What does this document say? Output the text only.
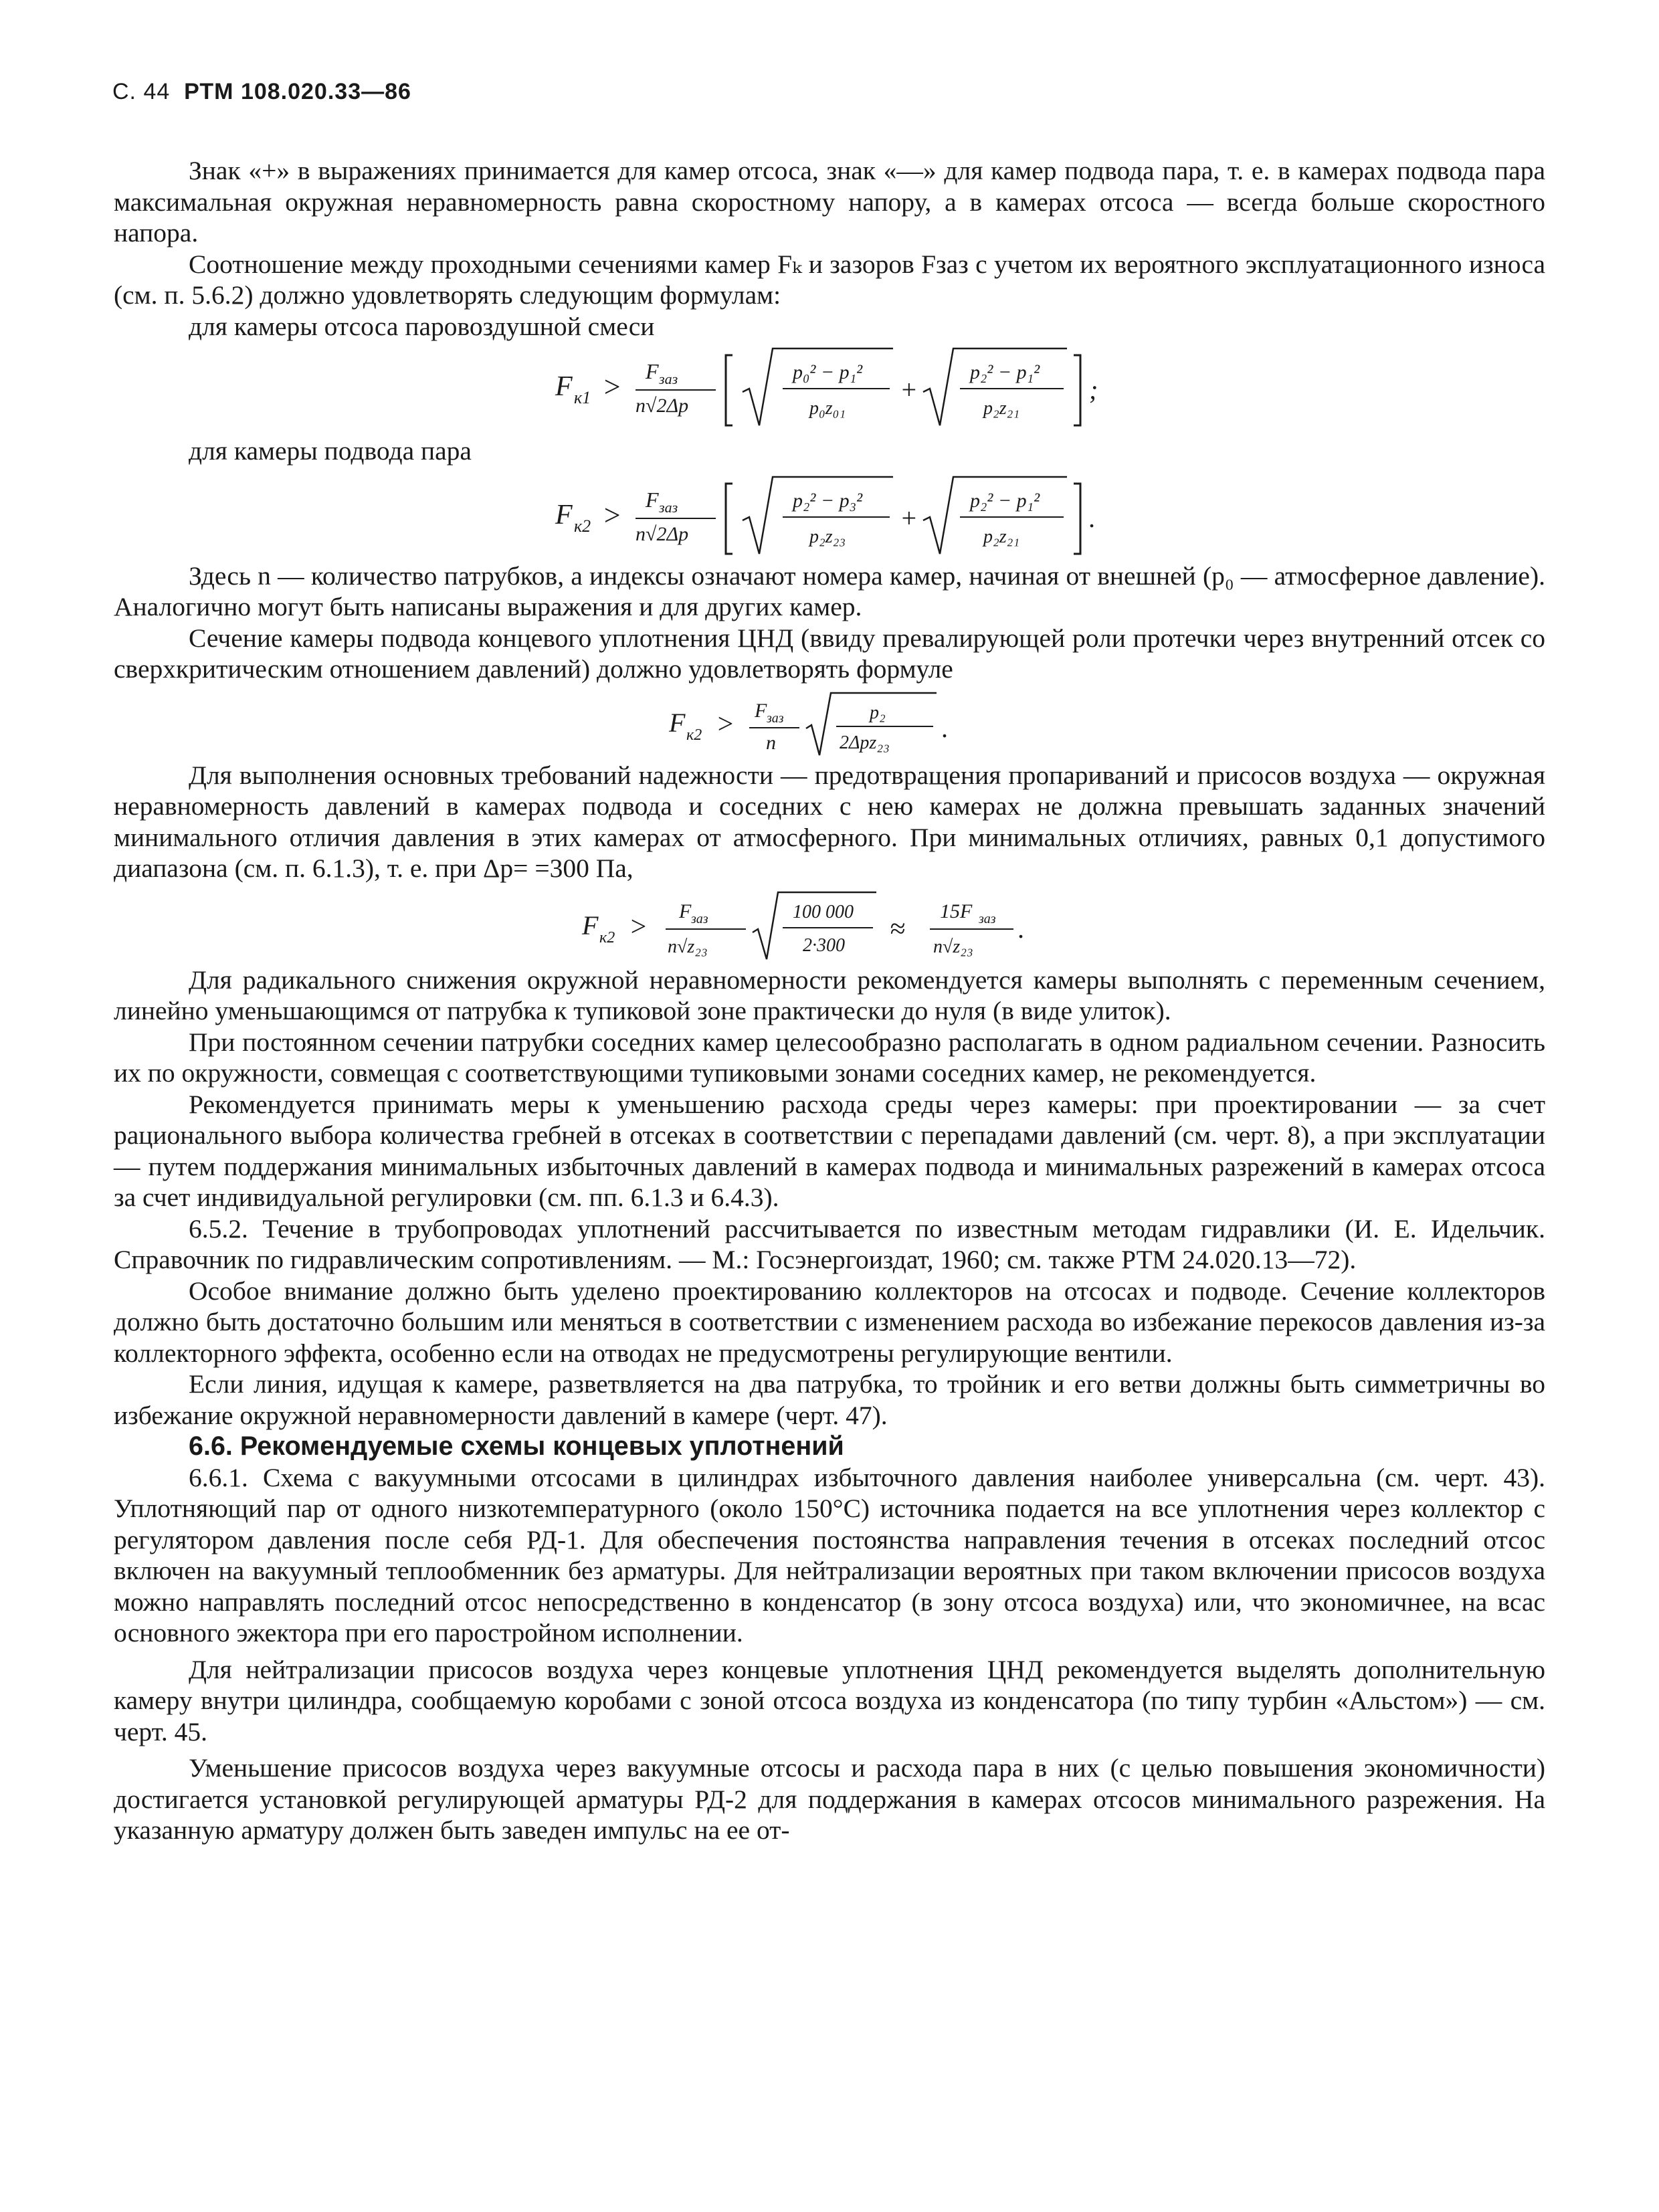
С. 44 РТМ 108.020.33—86

Знак «+» в выражениях принимается для камер отсоса, знак «—» для камер подвода пара, т. е. в камерах подвода пара максимальная окружная неравномерность равна скоростному напору, а в камерах отсоса — всегда больше скоростного напора.

Соотношение между проходными сечениями камер Fₖ и зазоров Fзаз с учетом их вероятного эксплуатационного износа (см. п. 5.6.2) должно удовлетворять следующим формулам:

для камеры отсоса паровоздушной смеси

F к1 > F заз
n√2Δp
p₀² − p₁²
p₀z₀₁
+
p₂² − p₁²
p₂z₂₁
;

для камеры подвода пара

F к2 > F заз
n√2Δp
p₂² − p₃²
p₂z₂₃
+
p₂² − p₁²
p₂z₂₁
.

Здесь n — количество патрубков, а индексы означают номера камер, начиная от внешней (p₀ — атмосферное давление). Аналогично могут быть написаны выражения и для других камер.

Сечение камеры подвода концевого уплотнения ЦНД (ввиду превалирующей роли протечки через внутренний отсек со сверхкритическим отношением давлений) должно удовлетворять формуле

F к2 > F заз
n
p₂
2Δpz₂₃ .

Для выполнения основных требований надежности — предотвращения пропариваний и присосов воздуха — окружная неравномерность давлений в камерах подвода и соседних с нею камерах не должна превышать заданных значений минимального отличия давления в этих камерах от атмосферного. При минимальных отличиях, равных 0,1 допустимого диапазона (см. п. 6.1.3), т. е. при Δp= =300 Па,

F к2 >
F заз
n√z₂₃
100 000
2·300
≈
15F заз
n√z₂₃
.

Для радикального снижения окружной неравномерности рекомендуется камеры выполнять с переменным сечением, линейно уменьшающимся от патрубка к тупиковой зоне практически до нуля (в виде улиток).

При постоянном сечении патрубки соседних камер целесообразно располагать в одном радиальном сечении. Разносить их по окружности, совмещая с соответствующими тупиковыми зонами соседних камер, не рекомендуется.

Рекомендуется принимать меры к уменьшению расхода среды через камеры: при проектировании — за счет рационального выбора количества гребней в отсеках в соответствии с перепадами давлений (см. черт. 8), а при эксплуатации — путем поддержания минимальных избыточных давлений в камерах подвода и минимальных разрежений в камерах отсоса за счет индивидуальной регулировки (см. пп. 6.1.3 и 6.4.3).

6.5.2. Течение в трубопроводах уплотнений рассчитывается по известным методам гидравлики (И. Е. Идельчик. Справочник по гидравлическим сопротивлениям. — М.: Госэнергоиздат, 1960; см. также РТМ 24.020.13—72).

Особое внимание должно быть уделено проектированию коллекторов на отсосах и подводе. Сечение коллекторов должно быть достаточно большим или меняться в соответствии с изменением расхода во избежание перекосов давления из-за коллекторного эффекта, особенно если на отводах не предусмотрены регулирующие вентили.

Если линия, идущая к камере, разветвляется на два патрубка, то тройник и его ветви должны быть симметричны во избежание окружной неравномерности давлений в камере (черт. 47).

6.6. Рекомендуемые схемы концевых уплотнений

6.6.1. Схема с вакуумными отсосами в цилиндрах избыточного давления наиболее универсальна (см. черт. 43). Уплотняющий пар от одного низкотемпературного (около 150°С) источника подается на все уплотнения через коллектор с регулятором давления после себя РД-1. Для обеспечения постоянства направления течения в отсеках последний отсос включен на вакуумный теплообменник без арматуры. Для нейтрализации вероятных при таком включении присосов воздуха можно направлять последний отсос непосредственно в конденсатор (в зону отсоса воздуха) или, что экономичнее, на всас основного эжектора при его паростройном исполнении.

Для нейтрализации присосов воздуха через концевые уплотнения ЦНД рекомендуется выделять дополнительную камеру внутри цилиндра, сообщаемую коробами с зоной отсоса воздуха из конденсатора (по типу турбин «Альстом») — см. черт. 45.

Уменьшение присосов воздуха через вакуумные отсосы и расхода пара в них (с целью повышения экономичности) достигается установкой регулирующей арматуры РД-2 для поддержания в камерах отсосов минимального разрежения. На указанную арматуру должен быть заведен импульс на ее от-
